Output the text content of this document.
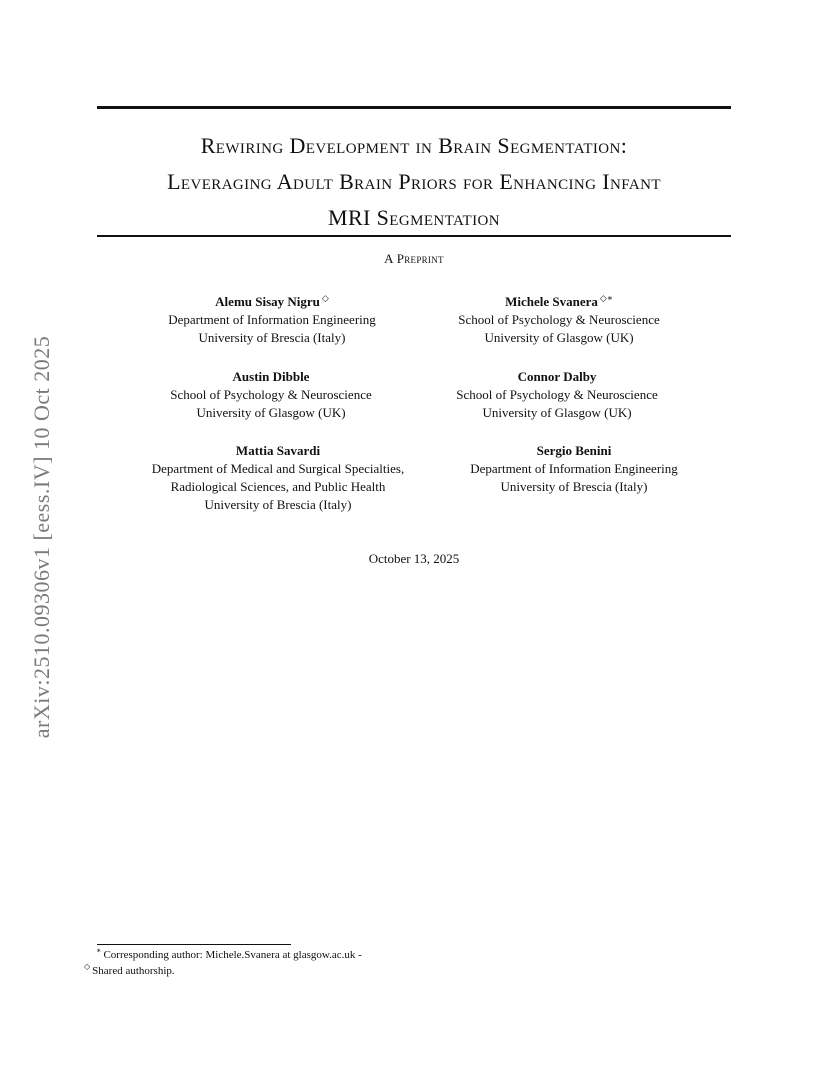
arXiv:2510.09306v1 [eess.IV] 10 Oct 2025
Rewiring Development in Brain Segmentation:
Leveraging Adult Brain Priors for Enhancing Infant
MRI Segmentation
A Preprint
Alemu Sisay Nigru ◇
Department of Information Engineering
University of Brescia (Italy)
Michele Svanera ◇∗
School of Psychology & Neuroscience
University of Glasgow (UK)
Austin Dibble
School of Psychology & Neuroscience
University of Glasgow (UK)
Connor Dalby
School of Psychology & Neuroscience
University of Glasgow (UK)
Mattia Savardi
Department of Medical and Surgical Specialties,
Radiological Sciences, and Public Health
University of Brescia (Italy)
Sergio Benini
Department of Information Engineering
University of Brescia (Italy)
October 13, 2025
∗ Corresponding author: Michele.Svanera at glasgow.ac.uk -
◇ Shared authorship.
